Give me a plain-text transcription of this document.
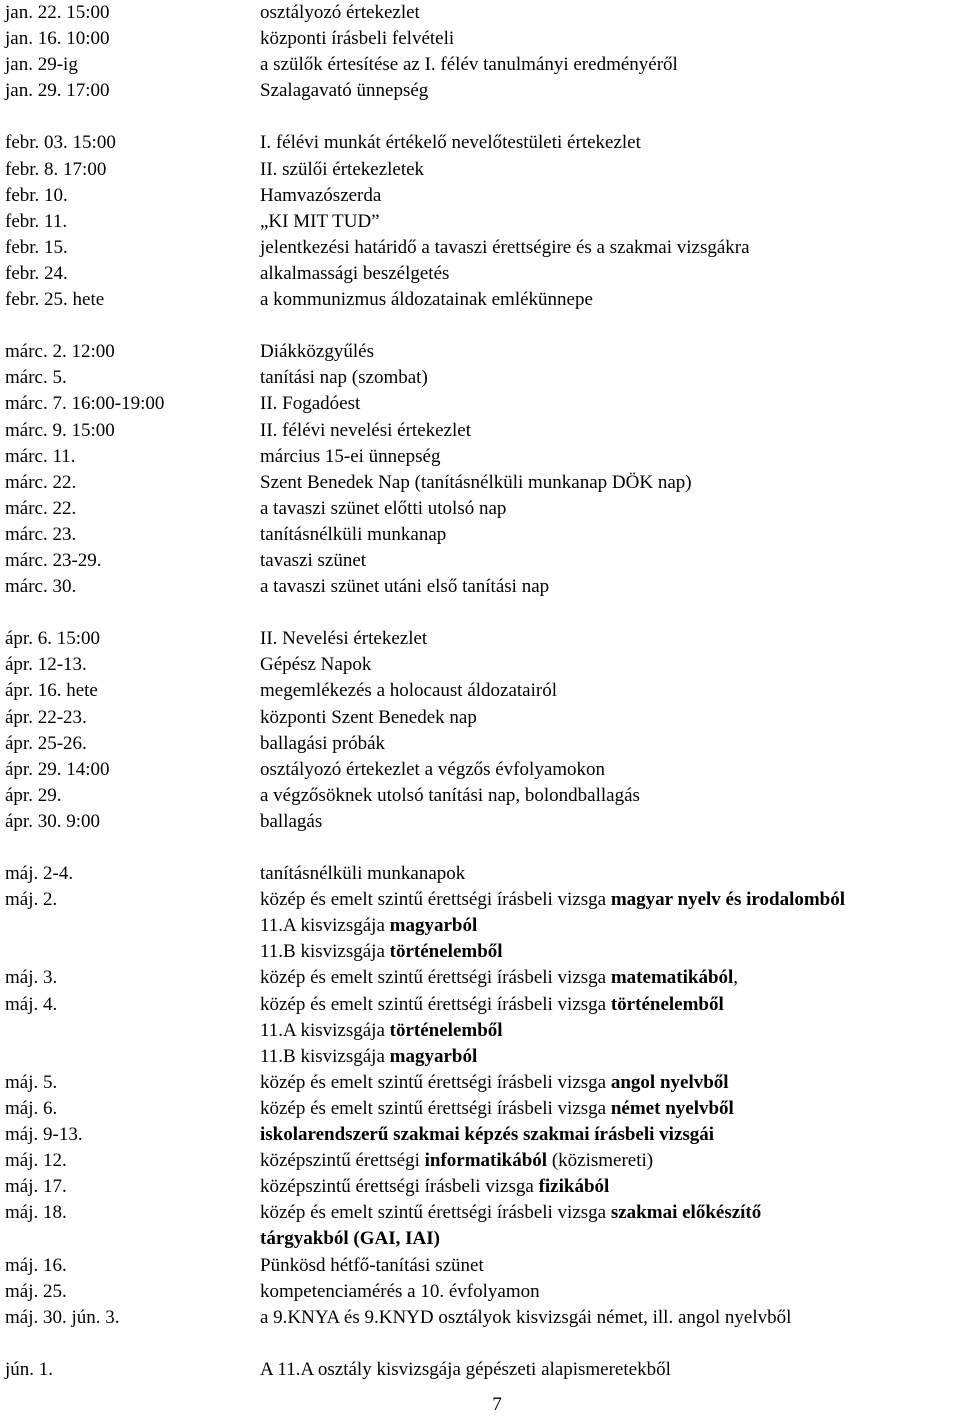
jan. 22. 15:00	osztályozó értekezlet
jan. 16. 10:00	központi írásbeli felvételi
jan. 29-ig	a szülők értesítése az I. félév tanulmányi eredményéről
jan. 29. 17:00	Szalagavató ünnepség
febr. 03. 15:00	I. félévi munkát értékelő nevelőtestületi értekezlet
febr. 8. 17:00	II. szülői értekezletek
febr. 10.	Hamvazószerda
febr. 11.	„KI MIT TUD”
febr. 15.	jelentkezési határidő a tavaszi érettségire és a szakmai vizsgákra
febr. 24.	alkalmassági beszélgetés
febr. 25. hete	a kommunizmus áldozatainak emlékünnepe
márc. 2. 12:00	Diákközgyűlés
márc. 5.	tanítási nap (szombat)
márc. 7. 16:00-19:00	II. Fogadóest
márc. 9. 15:00	II. félévi nevelési értekezlet
márc. 11.	március 15-ei ünnepség
márc. 22.	Szent Benedek Nap (tanításnélküli munkanap DÖK nap)
márc. 22.	a tavaszi szünet előtti utolsó nap
márc. 23.	tanításnélküli munkanap
márc. 23-29.	tavaszi szünet
márc. 30.	a tavaszi szünet utáni első tanítási nap
ápr. 6. 15:00	II. Nevelési értekezlet
ápr. 12-13.	Gépész Napok
ápr. 16. hete	megemlékezés a holocaust áldozatairól
ápr. 22-23.	központi Szent Benedek nap
ápr. 25-26.	ballagási próbák
ápr. 29. 14:00	osztályozó értekezlet a végzős évfolyamokon
ápr. 29.	a végzősöknek utolsó tanítási nap, bolondballagás
ápr. 30. 9:00	ballagás
máj. 2-4.	tanításnélküli munkanapok
máj. 2.	közép és emelt szintű érettségi írásbeli vizsga magyar nyelv és irodalomból
11.A kisvizsgája magyarból
11.B kisvizsgája történelemből
máj. 3.	közép és emelt szintű érettségi írásbeli vizsga matematikából,
máj. 4.	közép és emelt szintű érettségi írásbeli vizsga történelemből
11.A kisvizsgája történelemből
11.B kisvizsgája magyarból
máj. 5.	közép és emelt szintű érettségi írásbeli vizsga angol nyelvből
máj. 6.	közép és emelt szintű érettségi írásbeli vizsga német nyelvből
máj. 9-13.	iskolarendszerű szakmai képzés szakmai írásbeli vizsgái
máj. 12.	középszintű érettségi informatikából (közismereti)
máj. 17.	középszintű érettségi írásbeli vizsga fizikából
máj. 18.	közép és emelt szintű érettségi írásbeli vizsga szakmai előkészítő
tárgyakból (GAI, IAI)
máj. 16.	Pünkösd hétfő-tanítási szünet
máj. 25.	kompetenciamérés a 10. évfolyamon
máj. 30. jún. 3.	a 9.KNYA és 9.KNYD osztályok kisvizsgái német, ill. angol nyelvből
jún. 1.	A 11.A osztály kisvizsgája gépészeti alapismeretekből
7
